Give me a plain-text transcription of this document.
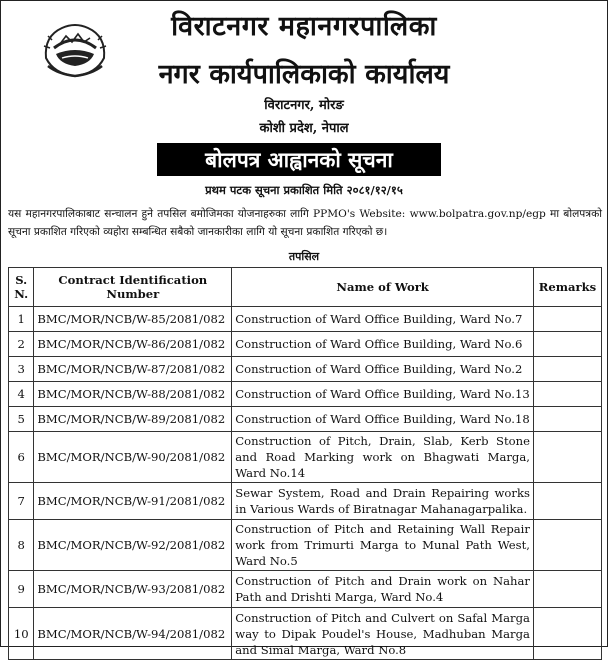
विराटनगर महानगरपालिका
नगर कार्यपालिकाको कार्यालय
विराटनगर, मोरङ
कोशी प्रदेश, नेपाल
बोलपत्र आह्वानको सूचना
प्रथम पटक सूचना प्रकाशित मिति २०८१/१२/१५
यस महानगरपालिकाबाट सन्चालन हुने तपसिल बमोजिमका योजनाहरुका लागि PPMO's Website: www.bolpatra.gov.np/egp मा बोलपत्रको सूचना प्रकाशित गरिएको व्यहोरा सम्बन्धित सबैको जानकारीका लागि यो सूचना प्रकाशित गरिएको छ।
तपसिल
S. N.	Contract Identification Number	Name of Work	Remarks
1	BMC/MOR/NCB/W-85/2081/082	Construction of Ward Office Building, Ward No.7	
2	BMC/MOR/NCB/W-86/2081/082	Construction of Ward Office Building, Ward No.6	
3	BMC/MOR/NCB/W-87/2081/082	Construction of Ward Office Building, Ward No.2	
4	BMC/MOR/NCB/W-88/2081/082	Construction of Ward Office Building, Ward No.13	
5	BMC/MOR/NCB/W-89/2081/082	Construction of Ward Office Building, Ward No.18	
6	BMC/MOR/NCB/W-90/2081/082	Construction of Pitch, Drain, Slab, Kerb Stone and Road Marking work on Bhagwati Marga, Ward No.14	
7	BMC/MOR/NCB/W-91/2081/082	Sewar System, Road and Drain Repairing works in Various Wards of Biratnagar Mahanagarpalika.	
8	BMC/MOR/NCB/W-92/2081/082	Construction of Pitch and Retaining Wall Repair work from Trimurti Marga to Munal Path West, Ward No.5	
9	BMC/MOR/NCB/W-93/2081/082	Construction of Pitch and Drain work on Nahar Path and Drishti Marga, Ward No.4	
10	BMC/MOR/NCB/W-94/2081/082	Construction of Pitch and Culvert on Safal Marga way to Dipak Poudel's House, Madhuban Marga and Simal Marga, Ward No.8	
